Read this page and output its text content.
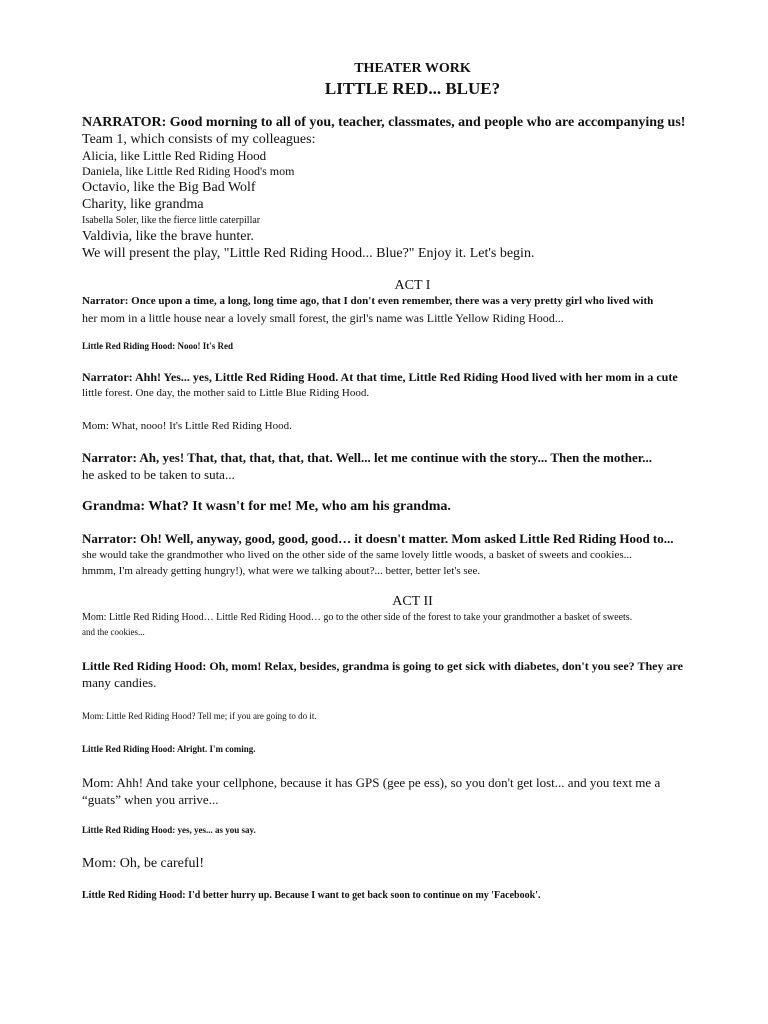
THEATER WORK

LITTLE RED... BLUE?

NARRATOR: Good morning to all of you, teacher, classmates, and people who are accompanying us!

Team 1, which consists of my colleagues:

Alicia, like Little Red Riding Hood

Daniela, like Little Red Riding Hood's mom

Octavio, like the Big Bad Wolf

Charity, like grandma

Isabella Soler, like the fierce little caterpillar

Valdivia, like the brave hunter.

We will present the play, "Little Red Riding Hood... Blue?" Enjoy it. Let's begin.

ACT I

Narrator: Once upon a time, a long, long time ago, that I don't even remember, there was a very pretty girl who lived with

her mom in a little house near a lovely small forest, the girl's name was Little Yellow Riding Hood...

Little Red Riding Hood: Nooo! It's Red

Narrator: Ahh! Yes... yes, Little Red Riding Hood. At that time, Little Red Riding Hood lived with her mom in a cute

little forest. One day, the mother said to Little Blue Riding Hood.

Mom: What, nooo! It's Little Red Riding Hood.

Narrator: Ah, yes! That, that, that, that, that. Well... let me continue with the story... Then the mother...

he asked to be taken to suta...

Grandma: What? It wasn't for me! Me, who am his grandma.

Narrator: Oh! Well, anyway, good, good, good… it doesn't matter. Mom asked Little Red Riding Hood to...

she would take the grandmother who lived on the other side of the same lovely little woods, a basket of sweets and cookies...

hmmm, I'm already getting hungry!), what were we talking about?... better, better let's see.

ACT II

Mom: Little Red Riding Hood… Little Red Riding Hood… go to the other side of the forest to take your grandmother a basket of sweets.

and the cookies...

Little Red Riding Hood: Oh, mom! Relax, besides, grandma is going to get sick with diabetes, don't you see? They are

many candies.

Mom: Little Red Riding Hood? Tell me; if you are going to do it.

Little Red Riding Hood: Alright. I'm coming.

Mom: Ahh! And take your cellphone, because it has GPS (gee pe ess), so you don't get lost... and you text me a

“guats” when you arrive...

Little Red Riding Hood: yes, yes... as you say.

Mom: Oh, be careful!

Little Red Riding Hood: I'd better hurry up. Because I want to get back soon to continue on my 'Facebook'.
